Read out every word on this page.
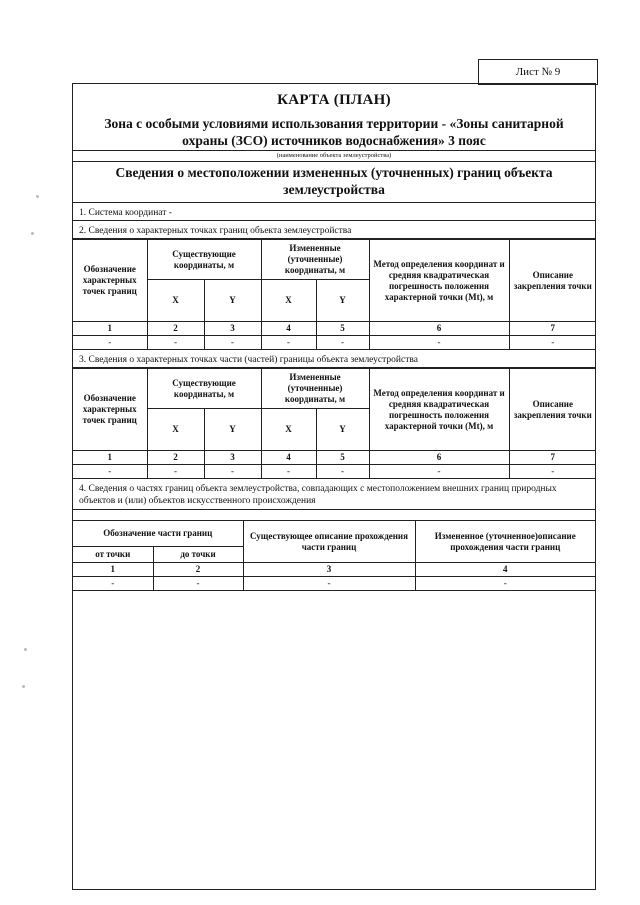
Лист № 9
КАРТА (ПЛАН)
Зона с особыми условиями использования территории - «Зоны санитарной охраны (ЗСО) источников водоснабжения» 3 пояс
(наименование объекта землеустройства)
Сведения о местоположении измененных (уточненных) границ объекта землеустройства
1. Система координат -
2. Сведения о характерных точках границ объекта землеустройства
Обозначение характерных точек границ	Существующие координаты, м		Измененные (уточненные) координаты, м		Метод определения координат и средняя квадратическая погрешность положения характерной точки (Mt), м	Описание закрепления точки
	X	Y	X	Y		
1	2	3	4	5	6	7
-	-	-	-	-	-	-
3. Сведения о характерных точках части (частей) границы объекта землеустройства
Обозначение характерных точек границ	Существующие координаты, м		Измененные (уточненные) координаты, м		Метод определения координат и средняя квадратическая погрешность положения характерной точки (Mt), м	Описание закрепления точки
	X	Y	X	Y		
1	2	3	4	5	6	7
-	-	-	-	-	-	-
4. Сведения о частях границ объекта землеустройства, совпадающих с местоположением внешних границ природных объектов и (или) объектов искусственного происхождения
Обозначение части границ		Существующее описание прохождения части границ	Измененное (уточненное)описание прохождения части границ
от точки	до точки		
1	2	3	4
-	-	-	-
